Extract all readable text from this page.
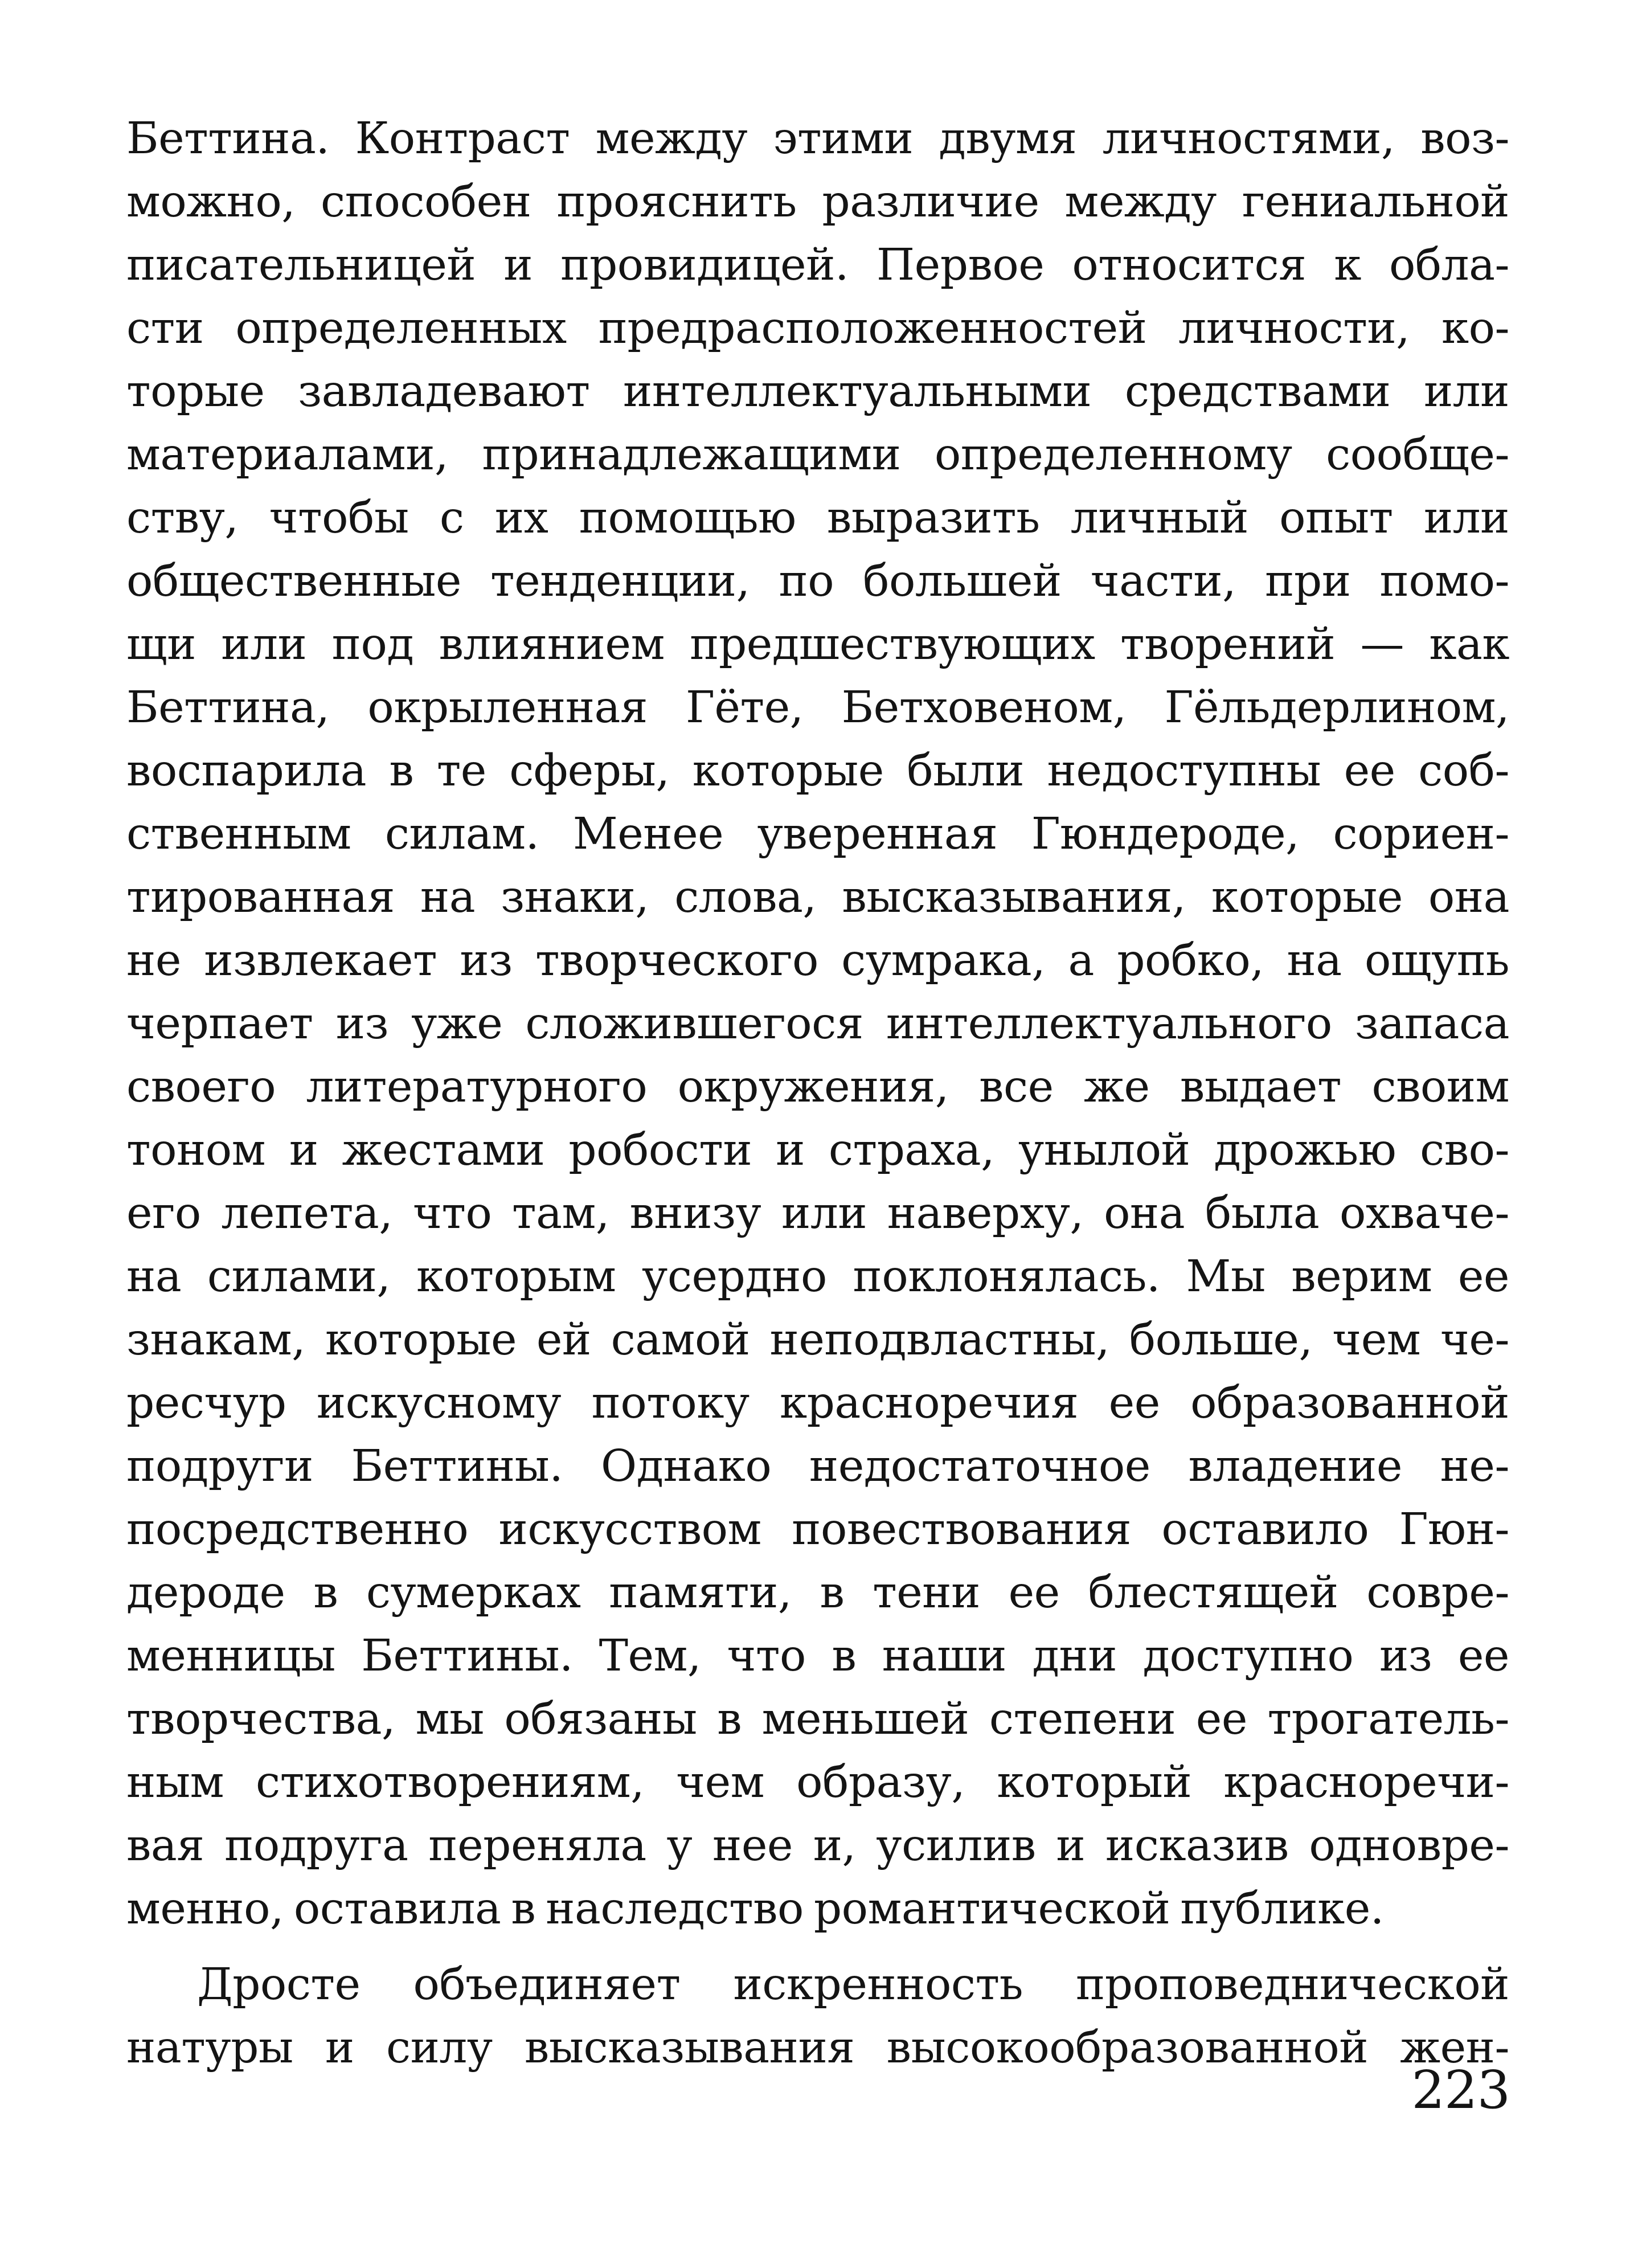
Беттина. Контраст между этими двумя личностями, воз-
можно, способен прояснить различие между гениальной
писательницей и провидицей. Первое относится к обла-
сти определенных предрасположенностей личности, ко-
торые завладевают интеллектуальными средствами или
материалами, принадлежащими определенному сообще-
ству, чтобы с их помощью выразить личный опыт или
общественные тенденции, по большей части, при помо-
щи или под влиянием предшествующих творений — как
Беттина, окрыленная Гёте, Бетховеном, Гёльдерлином,
воспарила в те сферы, которые были недоступны ее соб-
ственным силам. Менее уверенная Гюндероде, сориен-
тированная на знаки, слова, высказывания, которые она
не извлекает из творческого сумрака, а робко, на ощупь
черпает из уже сложившегося интеллектуального запаса
своего литературного окружения, все же выдает своим
тоном и жестами робости и страха, унылой дрожью сво-
его лепета, что там, внизу или наверху, она была охваче-
на силами, которым усердно поклонялась. Мы верим ее
знакам, которые ей самой неподвластны, больше, чем че-
ресчур искусному потоку красноречия ее образованной
подруги Беттины. Однако недостаточное владение не-
посредственно искусством повествования оставило Гюн-
дероде в сумерках памяти, в тени ее блестящей совре-
менницы Беттины. Тем, что в наши дни доступно из ее
творчества, мы обязаны в меньшей степени ее трогатель-
ным стихотворениям, чем образу, который красноречи-
вая подруга переняла у нее и, усилив и исказив одновре-
менно, оставила в наследство романтической публике.
Дросте объединяет искренность проповеднической
натуры и силу высказывания высокообразованной жен-
223
